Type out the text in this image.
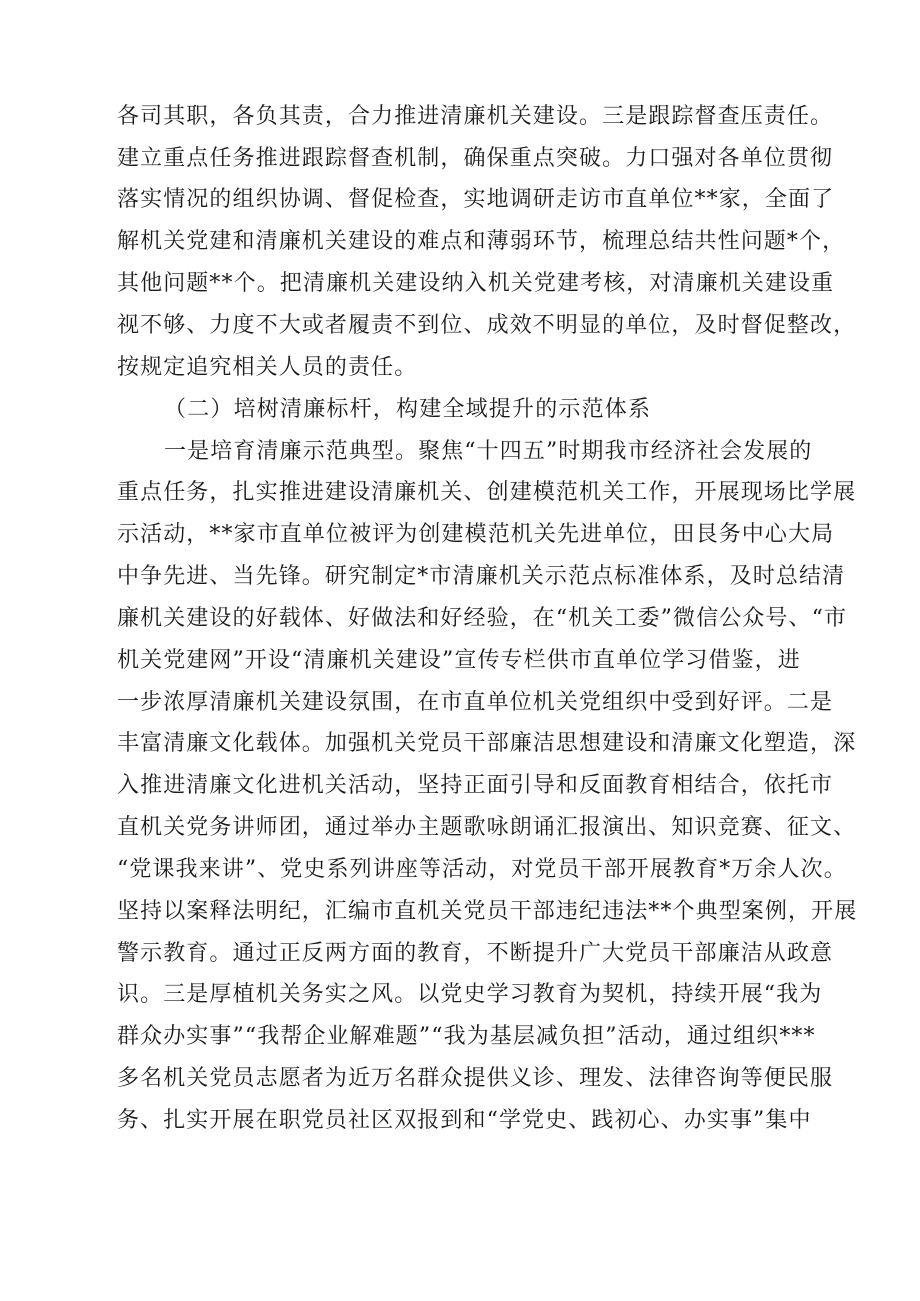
各司其职，各负其责，合力推进清廉机关建设。三是跟踪督查压责任。
建立重点任务推进跟踪督查机制，确保重点突破。力口强对各单位贯彻
落实情况的组织协调、督促检查，实地调研走访市直单位**家，全面了
解机关党建和清廉机关建设的难点和薄弱环节，梳理总结共性问题*个，
其他问题**个。把清廉机关建设纳入机关党建考核，对清廉机关建设重
视不够、力度不大或者履责不到位、成效不明显的单位，及时督促整改，
按规定追究相关人员的责任。
（二）培树清廉标杆，构建全域提升的示范体系
一是培育清廉示范典型。聚焦“十四五”时期我市经济社会发展的
重点任务，扎实推进建设清廉机关、创建模范机关工作，开展现场比学展
示活动，**家市直单位被评为创建模范机关先进单位，田艮务中心大局
中争先进、当先锋。研究制定*市清廉机关示范点标准体系，及时总结清
廉机关建设的好载体、好做法和好经验，在“机关工委”微信公众号、“市
机关党建网”开设“清廉机关建设”宣传专栏供市直单位学习借鉴，进
一步浓厚清廉机关建设氛围，在市直单位机关党组织中受到好评。二是
丰富清廉文化载体。加强机关党员干部廉洁思想建设和清廉文化塑造，深
入推进清廉文化进机关活动，坚持正面引导和反面教育相结合，依托市
直机关党务讲师团，通过举办主题歌咏朗诵汇报演出、知识竞赛、征文、
“党课我来讲”、党史系列讲座等活动，对党员干部开展教育*万余人次。
坚持以案释法明纪，汇编市直机关党员干部违纪违法**个典型案例，开展
警示教育。通过正反两方面的教育，不断提升广大党员干部廉洁从政意
识。三是厚植机关务实之风。以党史学习教育为契机，持续开展“我为
群众办实事”“我帮企业解难题”“我为基层减负担”活动，通过组织***
多名机关党员志愿者为近万名群众提供义诊、理发、法律咨询等便民服
务、扎实开展在职党员社区双报到和“学党史、践初心、办实事”集中
